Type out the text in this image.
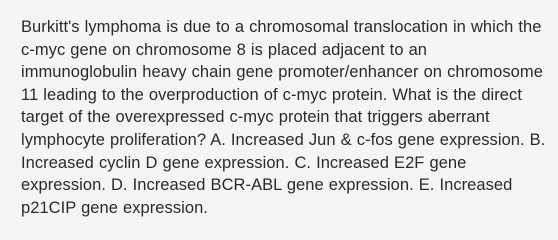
Burkitt's lymphoma is due to a chromosomal translocation in which the c-myc gene on chromosome 8 is placed adjacent to an immunoglobulin heavy chain gene promoter/enhancer on chromosome 11 leading to the overproduction of c-myc protein. What is the direct target of the overexpressed c-myc protein that triggers aberrant lymphocyte proliferation? A. Increased Jun & c-fos gene expression. B. Increased cyclin D gene expression. C. Increased E2F gene expression. D. Increased BCR-ABL gene expression. E. Increased p21CIP gene expression.
